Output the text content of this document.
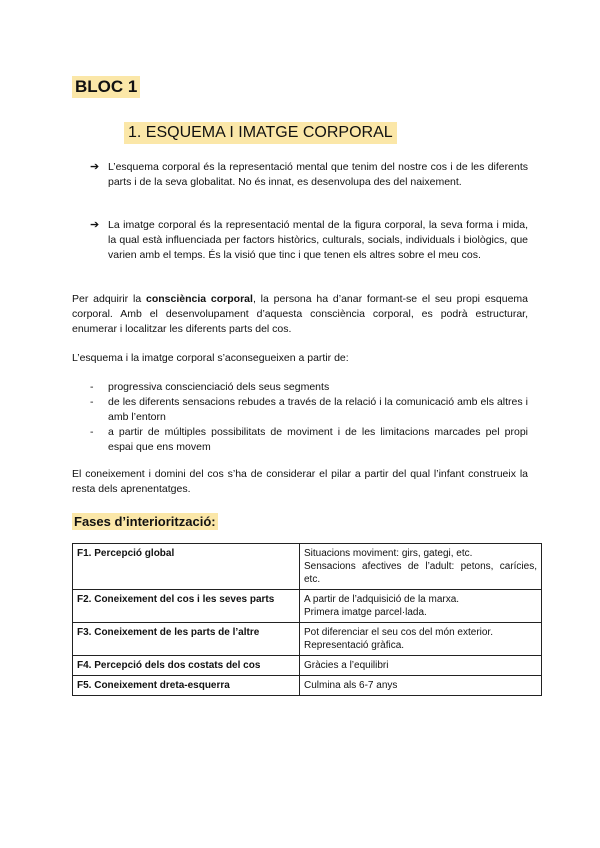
BLOC 1
1. ESQUEMA I IMATGE CORPORAL
➔ L’esquema corporal és la representació mental que tenim del nostre cos i de les diferents parts i de la seva globalitat. No és innat, es desenvolupa des del naixement.
➔ La imatge corporal és la representació mental de la figura corporal, la seva forma i mida, la qual està influenciada per factors històrics, culturals, socials, individuals i biològics, que varien amb el temps. És la visió que tinc i que tenen els altres sobre el meu cos.
Per adquirir la consciència corporal, la persona ha d’anar formant-se el seu propi esquema corporal. Amb el desenvolupament d’aquesta consciència corporal, es podrà estructurar, enumerar i localitzar les diferents parts del cos.
L’esquema i la imatge corporal s’aconsegueixen a partir de:
- progressiva conscienciació dels seus segments
- de les diferents sensacions rebudes a través de la relació i la comunicació amb els altres i amb l’entorn
- a partir de múltiples possibilitats de moviment i de les limitacions marcades pel propi espai que ens movem
El coneixement i domini del cos s’ha de considerar el pilar a partir del qual l’infant construeix la resta dels aprenentatges.
Fases d’interiorització:
F1. Percepció global	Situacions moviment: girs, gategi, etc.
Sensacions afectives de l’adult: petons, carícies, etc.

F2. Coneixement del cos i les seves parts	A partir de l’adquisició de la marxa.
Primera imatge parcel·lada.

F3. Coneixement de les parts de l’altre	Pot diferenciar el seu cos del món exterior.
Representació gràfica.

F4. Percepció dels dos costats del cos	Gràcies a l’equilibri

F5. Coneixement dreta-esquerra	Culmina als 6-7 anys
